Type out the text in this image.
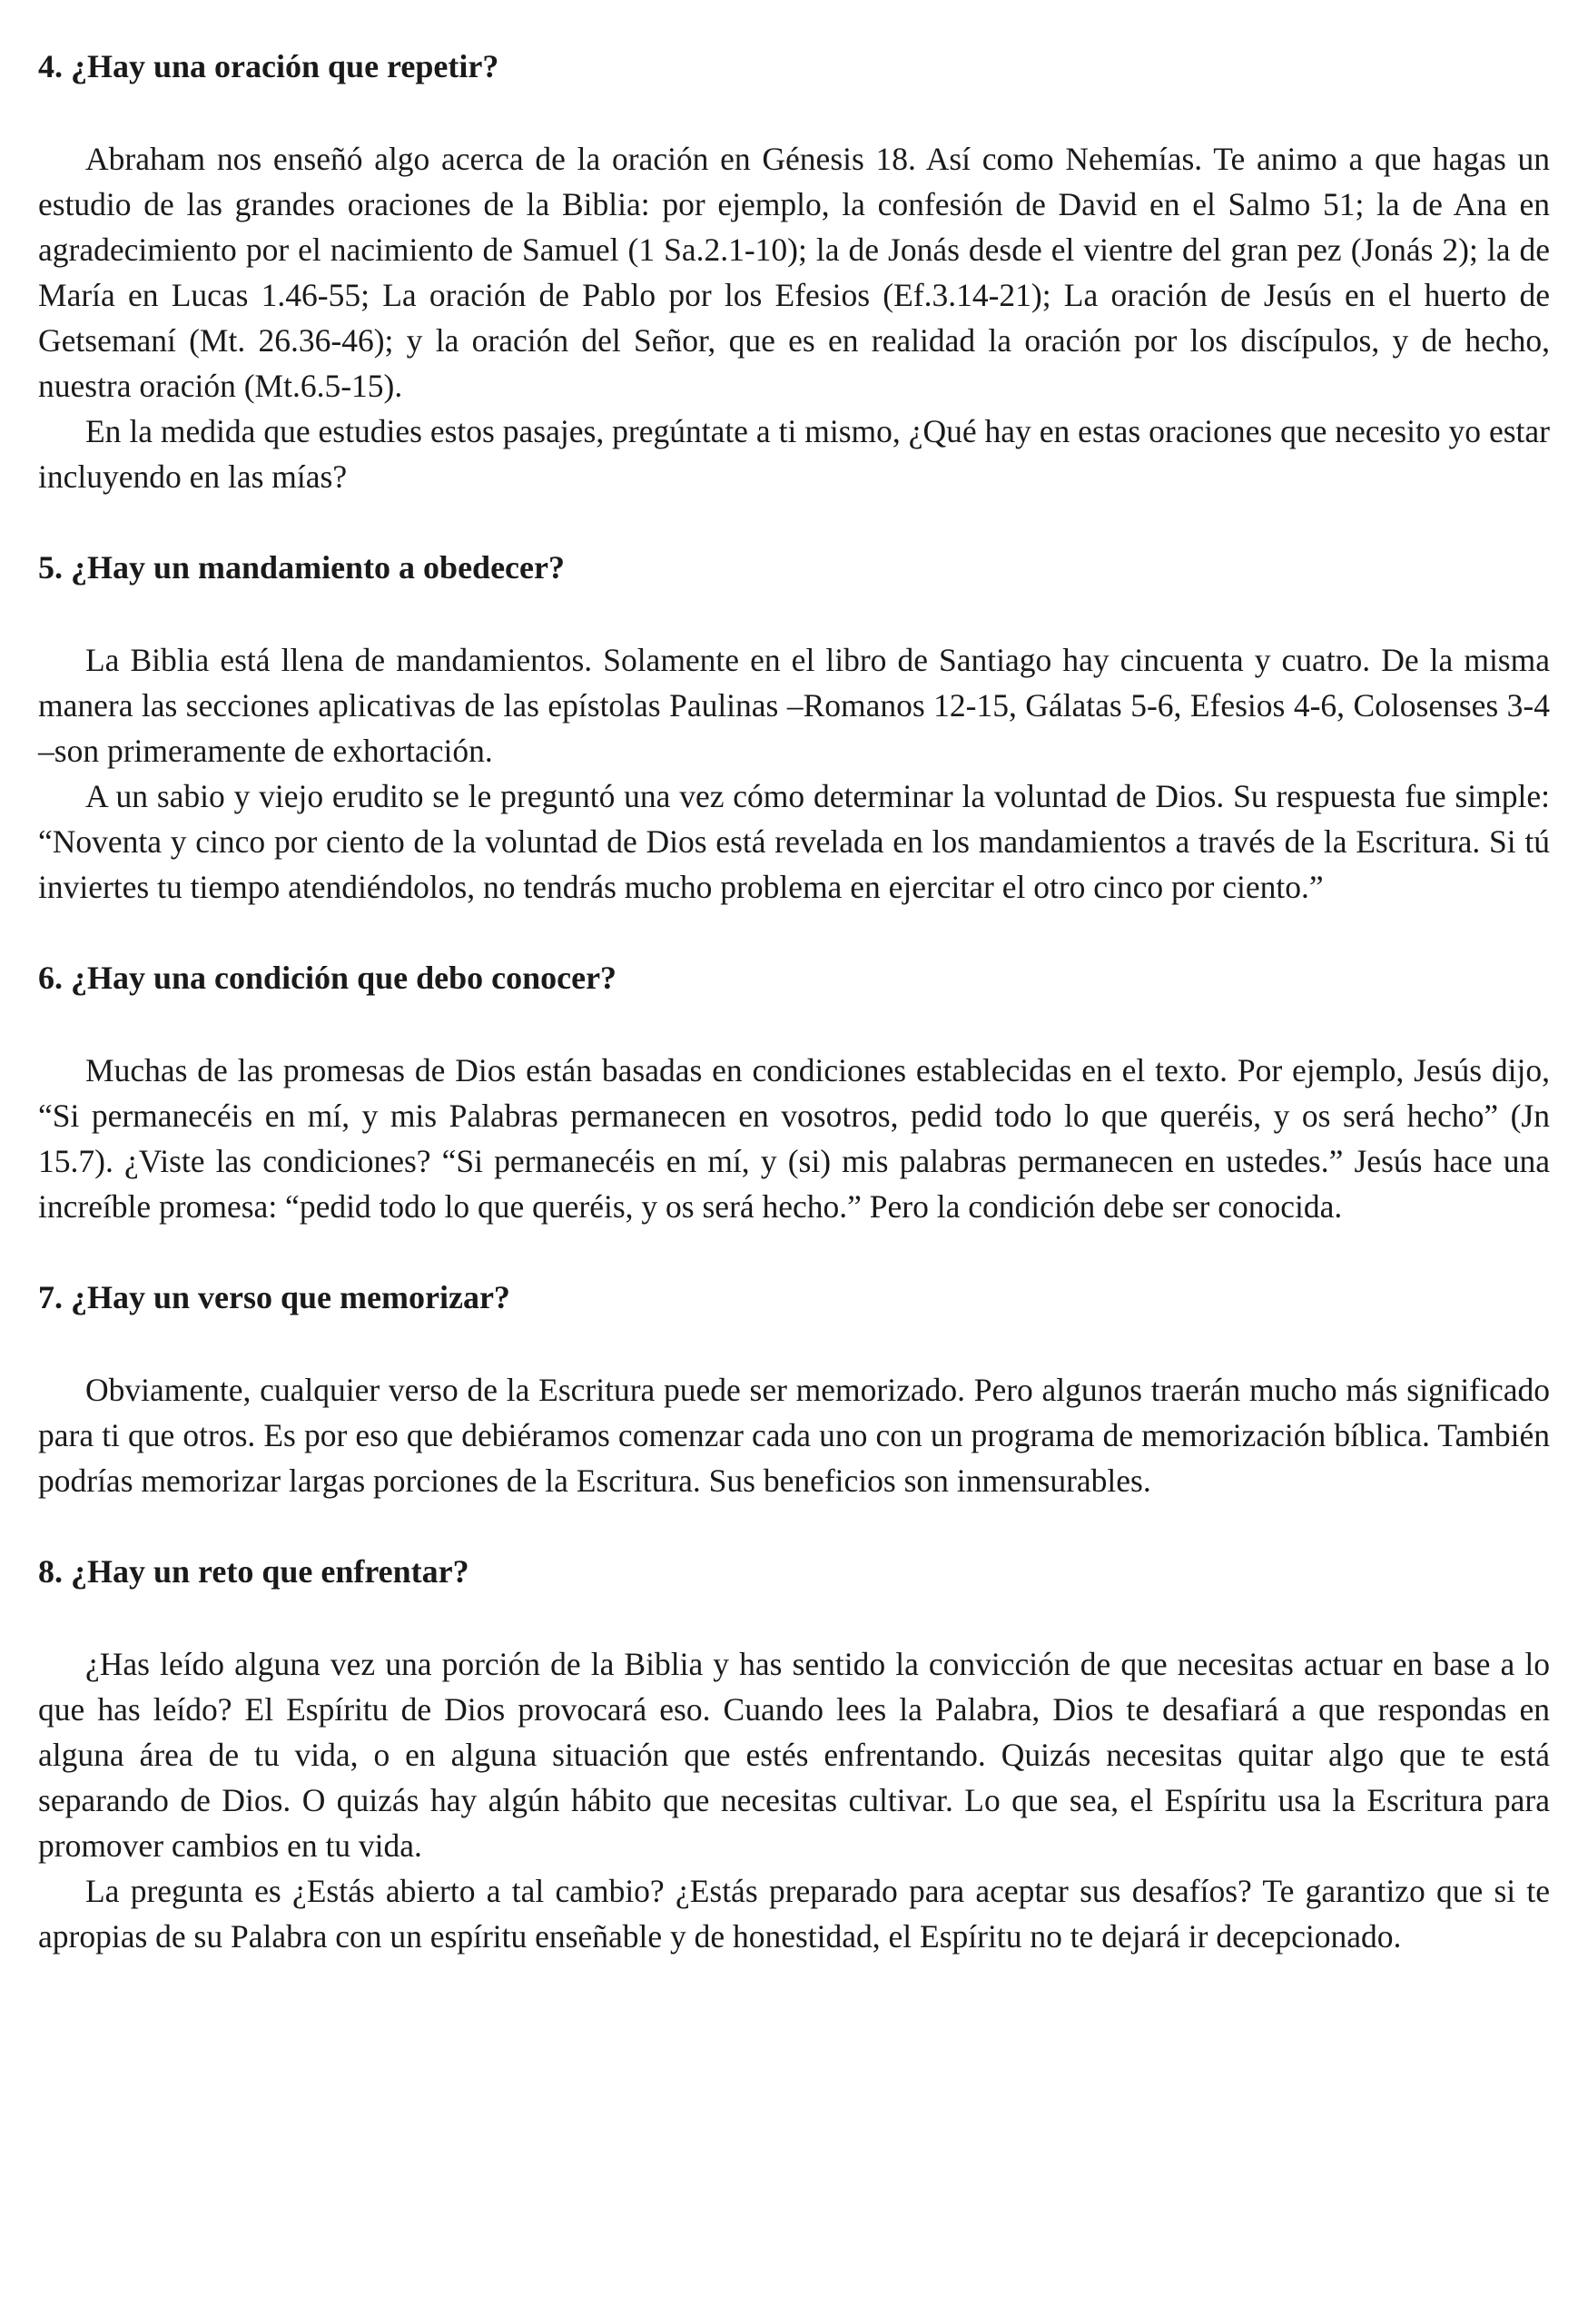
4. ¿Hay una oración que repetir?

Abraham nos enseñó algo acerca de la oración en Génesis 18. Así como Nehemías. Te animo a que hagas un estudio de las grandes oraciones de la Biblia: por ejemplo, la confesión de David en el Salmo 51; la de Ana en agradecimiento por el nacimiento de Samuel (1 Sa.2.1-10); la de Jonás desde el vientre del gran pez (Jonás 2); la de María en Lucas 1.46-55; La oración de Pablo por los Efesios (Ef.3.14-21); La oración de Jesús en el huerto de Getsemaní (Mt. 26.36-46); y la oración del Señor, que es en realidad la oración por los discípulos, y de hecho, nuestra oración (Mt.6.5-15).

En la medida que estudies estos pasajes, pregúntate a ti mismo, ¿Qué hay en estas oraciones que necesito yo estar incluyendo en las mías?

5. ¿Hay un mandamiento a obedecer?

La Biblia está llena de mandamientos. Solamente en el libro de Santiago hay cincuenta y cuatro. De la misma manera las secciones aplicativas de las epístolas Paulinas –Romanos 12-15, Gálatas 5-6, Efesios 4-6, Colosenses 3-4 –son primeramente de exhortación.

A un sabio y viejo erudito se le preguntó una vez cómo determinar la voluntad de Dios. Su respuesta fue simple: “Noventa y cinco por ciento de la voluntad de Dios está revelada en los mandamientos a través de la Escritura. Si tú inviertes tu tiempo atendiéndolos, no tendrás mucho problema en ejercitar el otro cinco por ciento.”

6. ¿Hay una condición que debo conocer?

Muchas de las promesas de Dios están basadas en condiciones establecidas en el texto. Por ejemplo, Jesús dijo, “Si permanecéis en mí, y mis Palabras permanecen en vosotros, pedid todo lo que queréis, y os será hecho” (Jn 15.7). ¿Viste las condiciones? “Si permanecéis en mí, y (si) mis palabras permanecen en ustedes.” Jesús hace una increíble promesa: “pedid todo lo que queréis, y os será hecho.” Pero la condición debe ser conocida.

7. ¿Hay un verso que memorizar?

Obviamente, cualquier verso de la Escritura puede ser memorizado. Pero algunos traerán mucho más significado para ti que otros. Es por eso que debiéramos comenzar cada uno con un programa de memorización bíblica. También podrías memorizar largas porciones de la Escritura. Sus beneficios son inmensurables.

8. ¿Hay un reto que enfrentar?

¿Has leído alguna vez una porción de la Biblia y has sentido la convicción de que necesitas actuar en base a lo que has leído? El Espíritu de Dios provocará eso. Cuando lees la Palabra, Dios te desafiará a que respondas en alguna área de tu vida, o en alguna situación que estés enfrentando. Quizás necesitas quitar algo que te está separando de Dios. O quizás hay algún hábito que necesitas cultivar. Lo que sea, el Espíritu usa la Escritura para promover cambios en tu vida.

La pregunta es ¿Estás abierto a tal cambio? ¿Estás preparado para aceptar sus desafíos? Te garantizo que si te apropias de su Palabra con un espíritu enseñable y de honestidad, el Espíritu no te dejará ir decepcionado.
